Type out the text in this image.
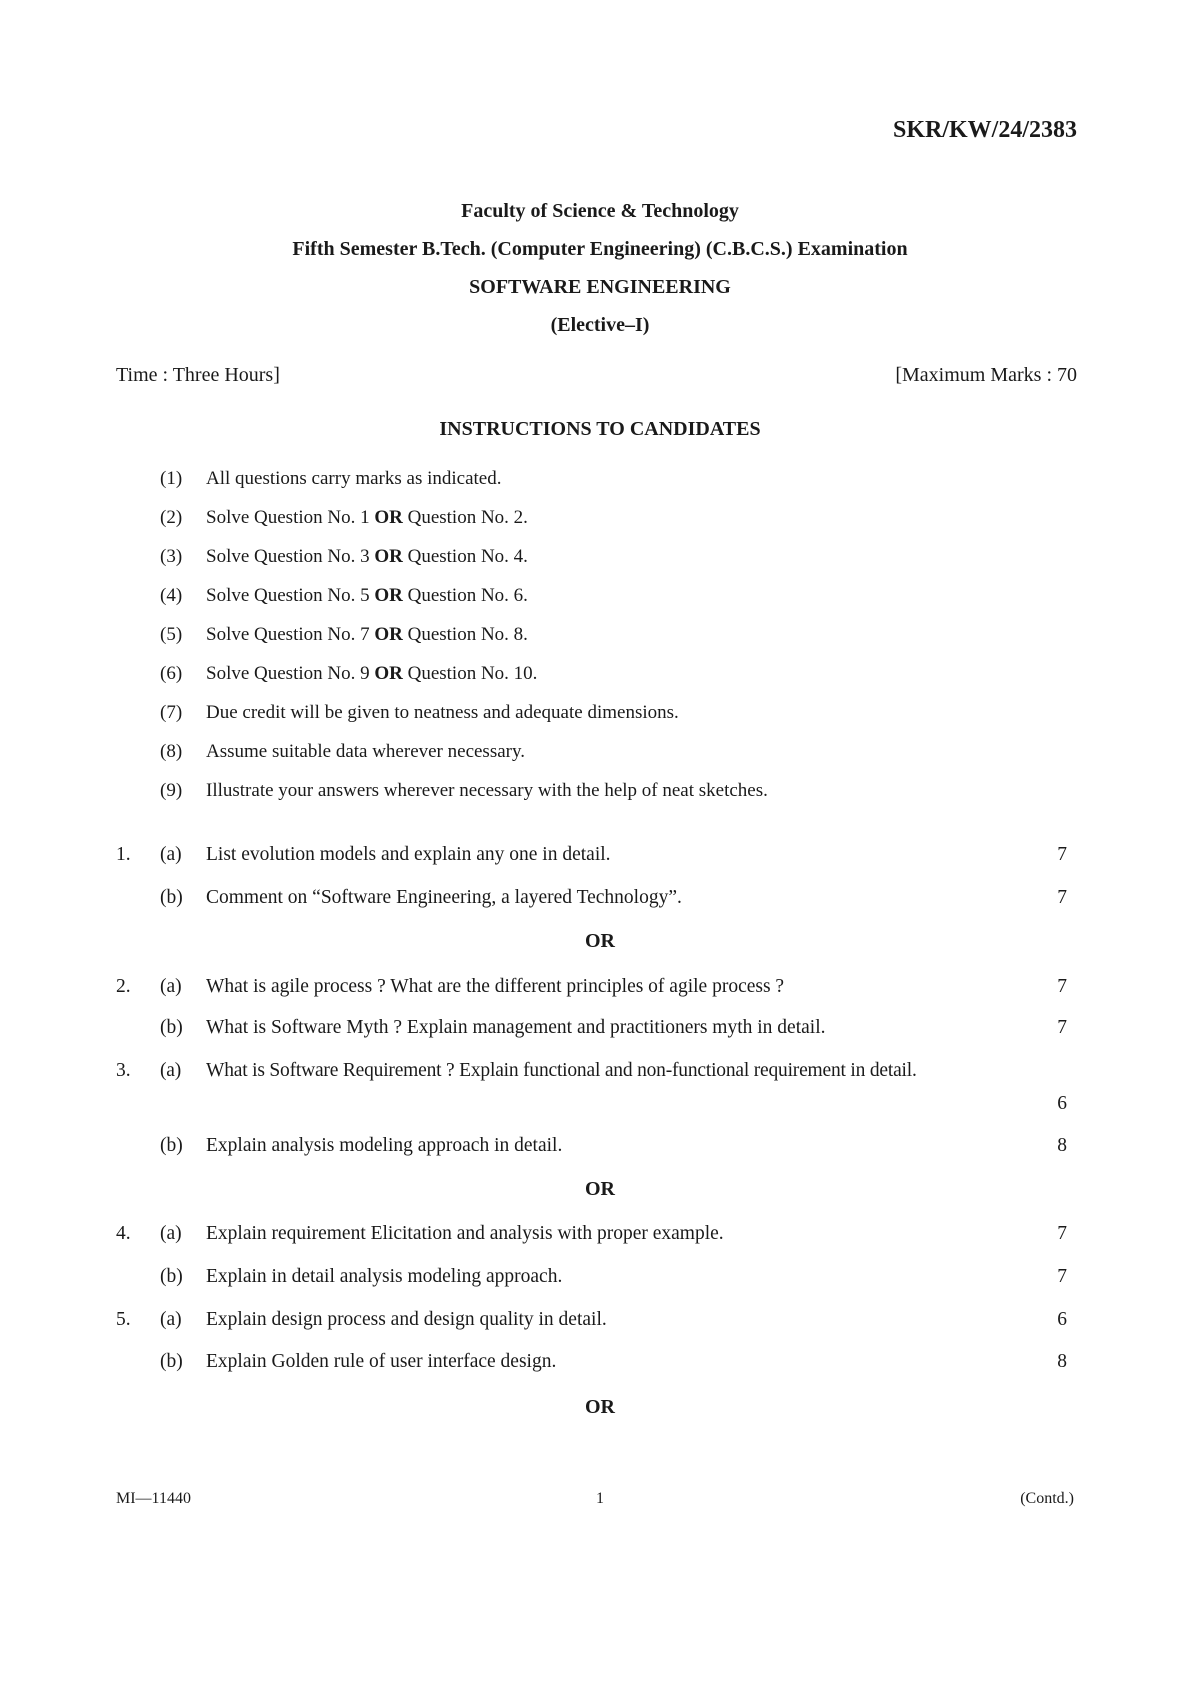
SKR/KW/24/2383
Faculty of Science & Technology
Fifth Semester B.Tech. (Computer Engineering) (C.B.C.S.) Examination
SOFTWARE ENGINEERING
(Elective–I)
Time : Three Hours]	[Maximum Marks : 70
INSTRUCTIONS TO CANDIDATES
(1) All questions carry marks as indicated.
(2) Solve Question No. 1 OR Question No. 2.
(3) Solve Question No. 3 OR Question No. 4.
(4) Solve Question No. 5 OR Question No. 6.
(5) Solve Question No. 7 OR Question No. 8.
(6) Solve Question No. 9 OR Question No. 10.
(7) Due credit will be given to neatness and adequate dimensions.
(8) Assume suitable data wherever necessary.
(9) Illustrate your answers wherever necessary with the help of neat sketches.
1. (a) List evolution models and explain any one in detail.	7
(b) Comment on “Software Engineering, a layered Technology”.	7
OR
2. (a) What is agile process ? What are the different principles of agile process ?	7
(b) What is Software Myth ? Explain management and practitioners myth in detail.	7
3. (a) What is Software Requirement ? Explain functional and non-functional requirement in detail.
6
(b) Explain analysis modeling approach in detail.	8
OR
4. (a) Explain requirement Elicitation and analysis with proper example.	7
(b) Explain in detail analysis modeling approach.	7
5. (a) Explain design process and design quality in detail.	6
(b) Explain Golden rule of user interface design.	8
OR
MI—11440	1	(Contd.)
